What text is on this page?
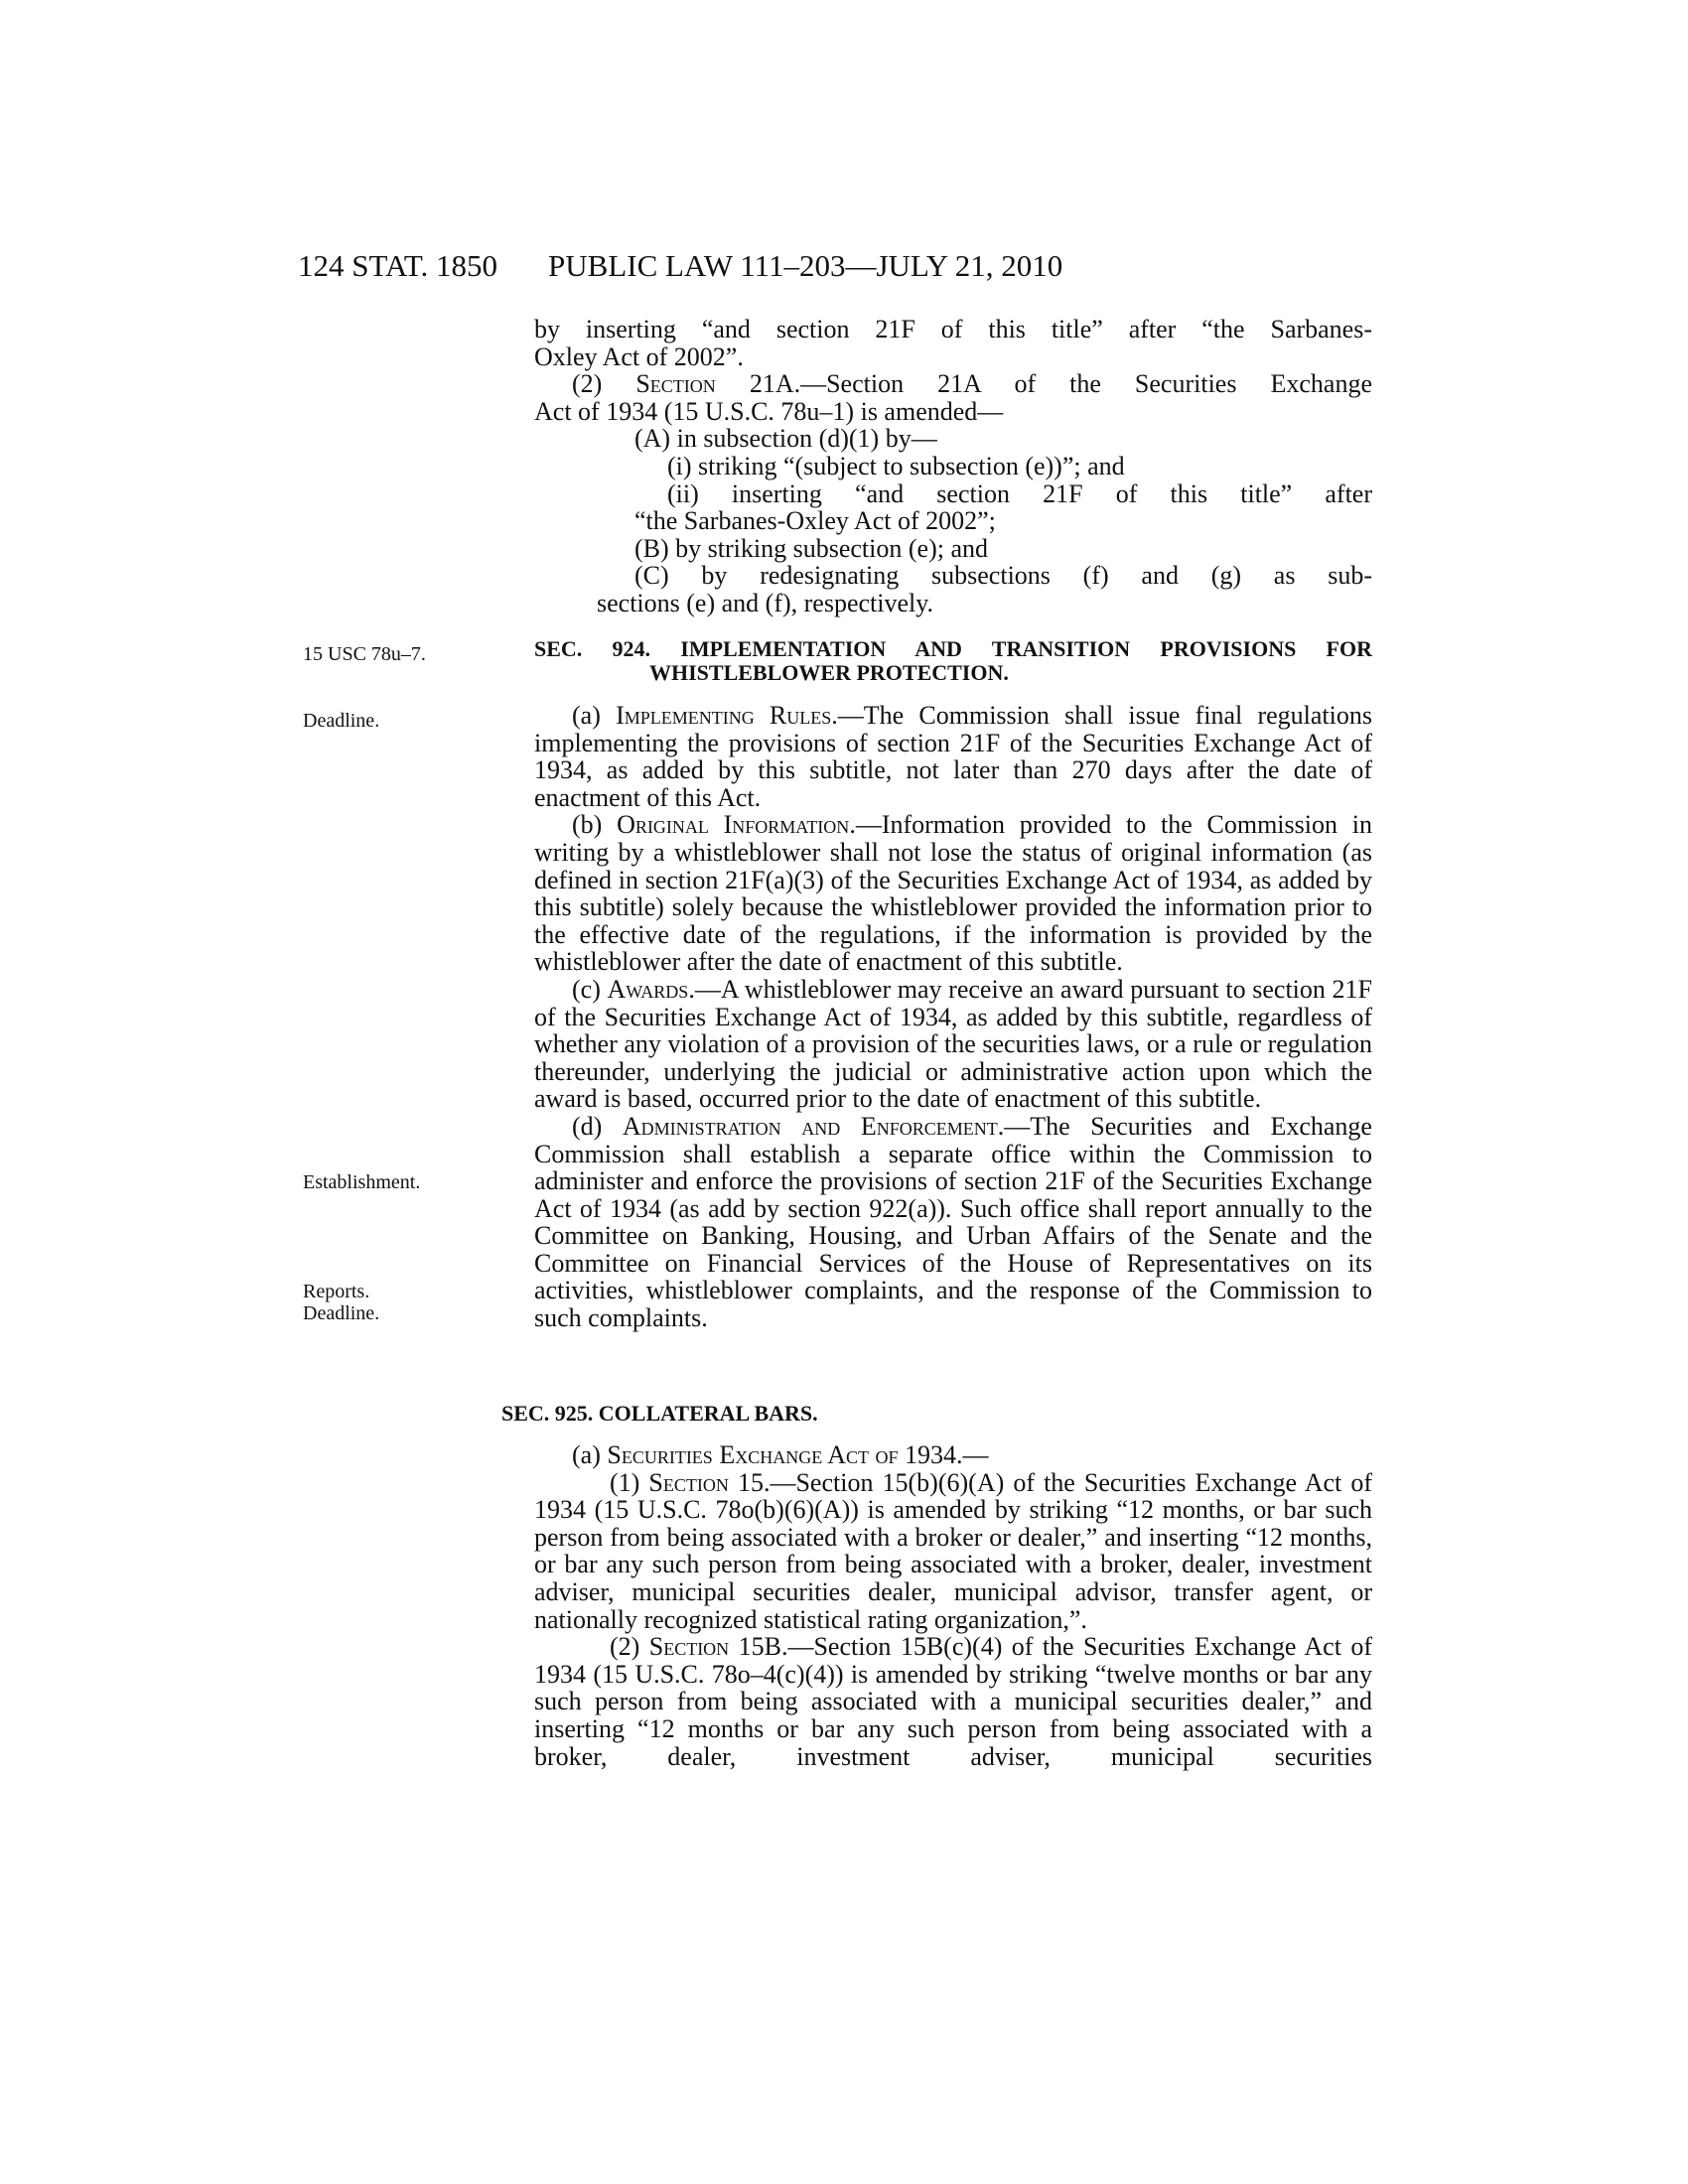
124 STAT. 1850 PUBLIC LAW 111–203—JULY 21, 2010

by inserting “and section 21F of this title” after “the Sarbanes-

Oxley Act of 2002”.

(2) Section 21A.—Section 21A of the Securities Exchange

Act of 1934 (15 U.S.C. 78u–1) is amended—

(A) in subsection (d)(1) by—

(i) striking “(subject to subsection (e))”; and

(ii) inserting “and section 21F of this title” after

“the Sarbanes-Oxley Act of 2002”;

(B) by striking subsection (e); and

(C) by redesignating subsections (f) and (g) as sub-

sections (e) and (f), respectively.

15 USC 78u–7.
Deadline.
Establishment.
Reports.
Deadline.

SEC. 924. IMPLEMENTATION AND TRANSITION PROVISIONS FOR

WHISTLEBLOWER PROTECTION.

(a) Implementing Rules.—The Commission shall issue final regulations implementing the provisions of section 21F of the Securities Exchange Act of 1934, as added by this subtitle, not later than 270 days after the date of enactment of this Act.

(b) Original Information.—Information provided to the Commission in writing by a whistleblower shall not lose the status of original information (as defined in section 21F(a)(3) of the Securities Exchange Act of 1934, as added by this subtitle) solely because the whistleblower provided the information prior to the effective date of the regulations, if the information is provided by the whistleblower after the date of enactment of this subtitle.

(c) Awards.—A whistleblower may receive an award pursuant to section 21F of the Securities Exchange Act of 1934, as added by this subtitle, regardless of whether any violation of a provision of the securities laws, or a rule or regulation thereunder, underlying the judicial or administrative action upon which the award is based, occurred prior to the date of enactment of this subtitle.

(d) Administration and Enforcement.—The Securities and Exchange Commission shall establish a separate office within the Commission to administer and enforce the provisions of section 21F of the Securities Exchange Act of 1934 (as add by section 922(a)). Such office shall report annually to the Committee on Banking, Housing, and Urban Affairs of the Senate and the Committee on Financial Services of the House of Representatives on its activities, whistleblower complaints, and the response of the Commission to such complaints.

SEC. 925. COLLATERAL BARS.

(a) Securities Exchange Act of 1934.—

(1) Section 15.—Section 15(b)(6)(A) of the Securities Exchange Act of 1934 (15 U.S.C. 78o(b)(6)(A)) is amended by striking “12 months, or bar such person from being associated with a broker or dealer,” and inserting “12 months, or bar any such person from being associated with a broker, dealer, investment adviser, municipal securities dealer, municipal advisor, transfer agent, or nationally recognized statistical rating organization,”.

(2) Section 15B.—Section 15B(c)(4) of the Securities Exchange Act of 1934 (15 U.S.C. 78o–4(c)(4)) is amended by striking “twelve months or bar any such person from being associated with a municipal securities dealer,” and inserting “12 months or bar any such person from being associated with a broker, dealer, investment adviser, municipal securities
